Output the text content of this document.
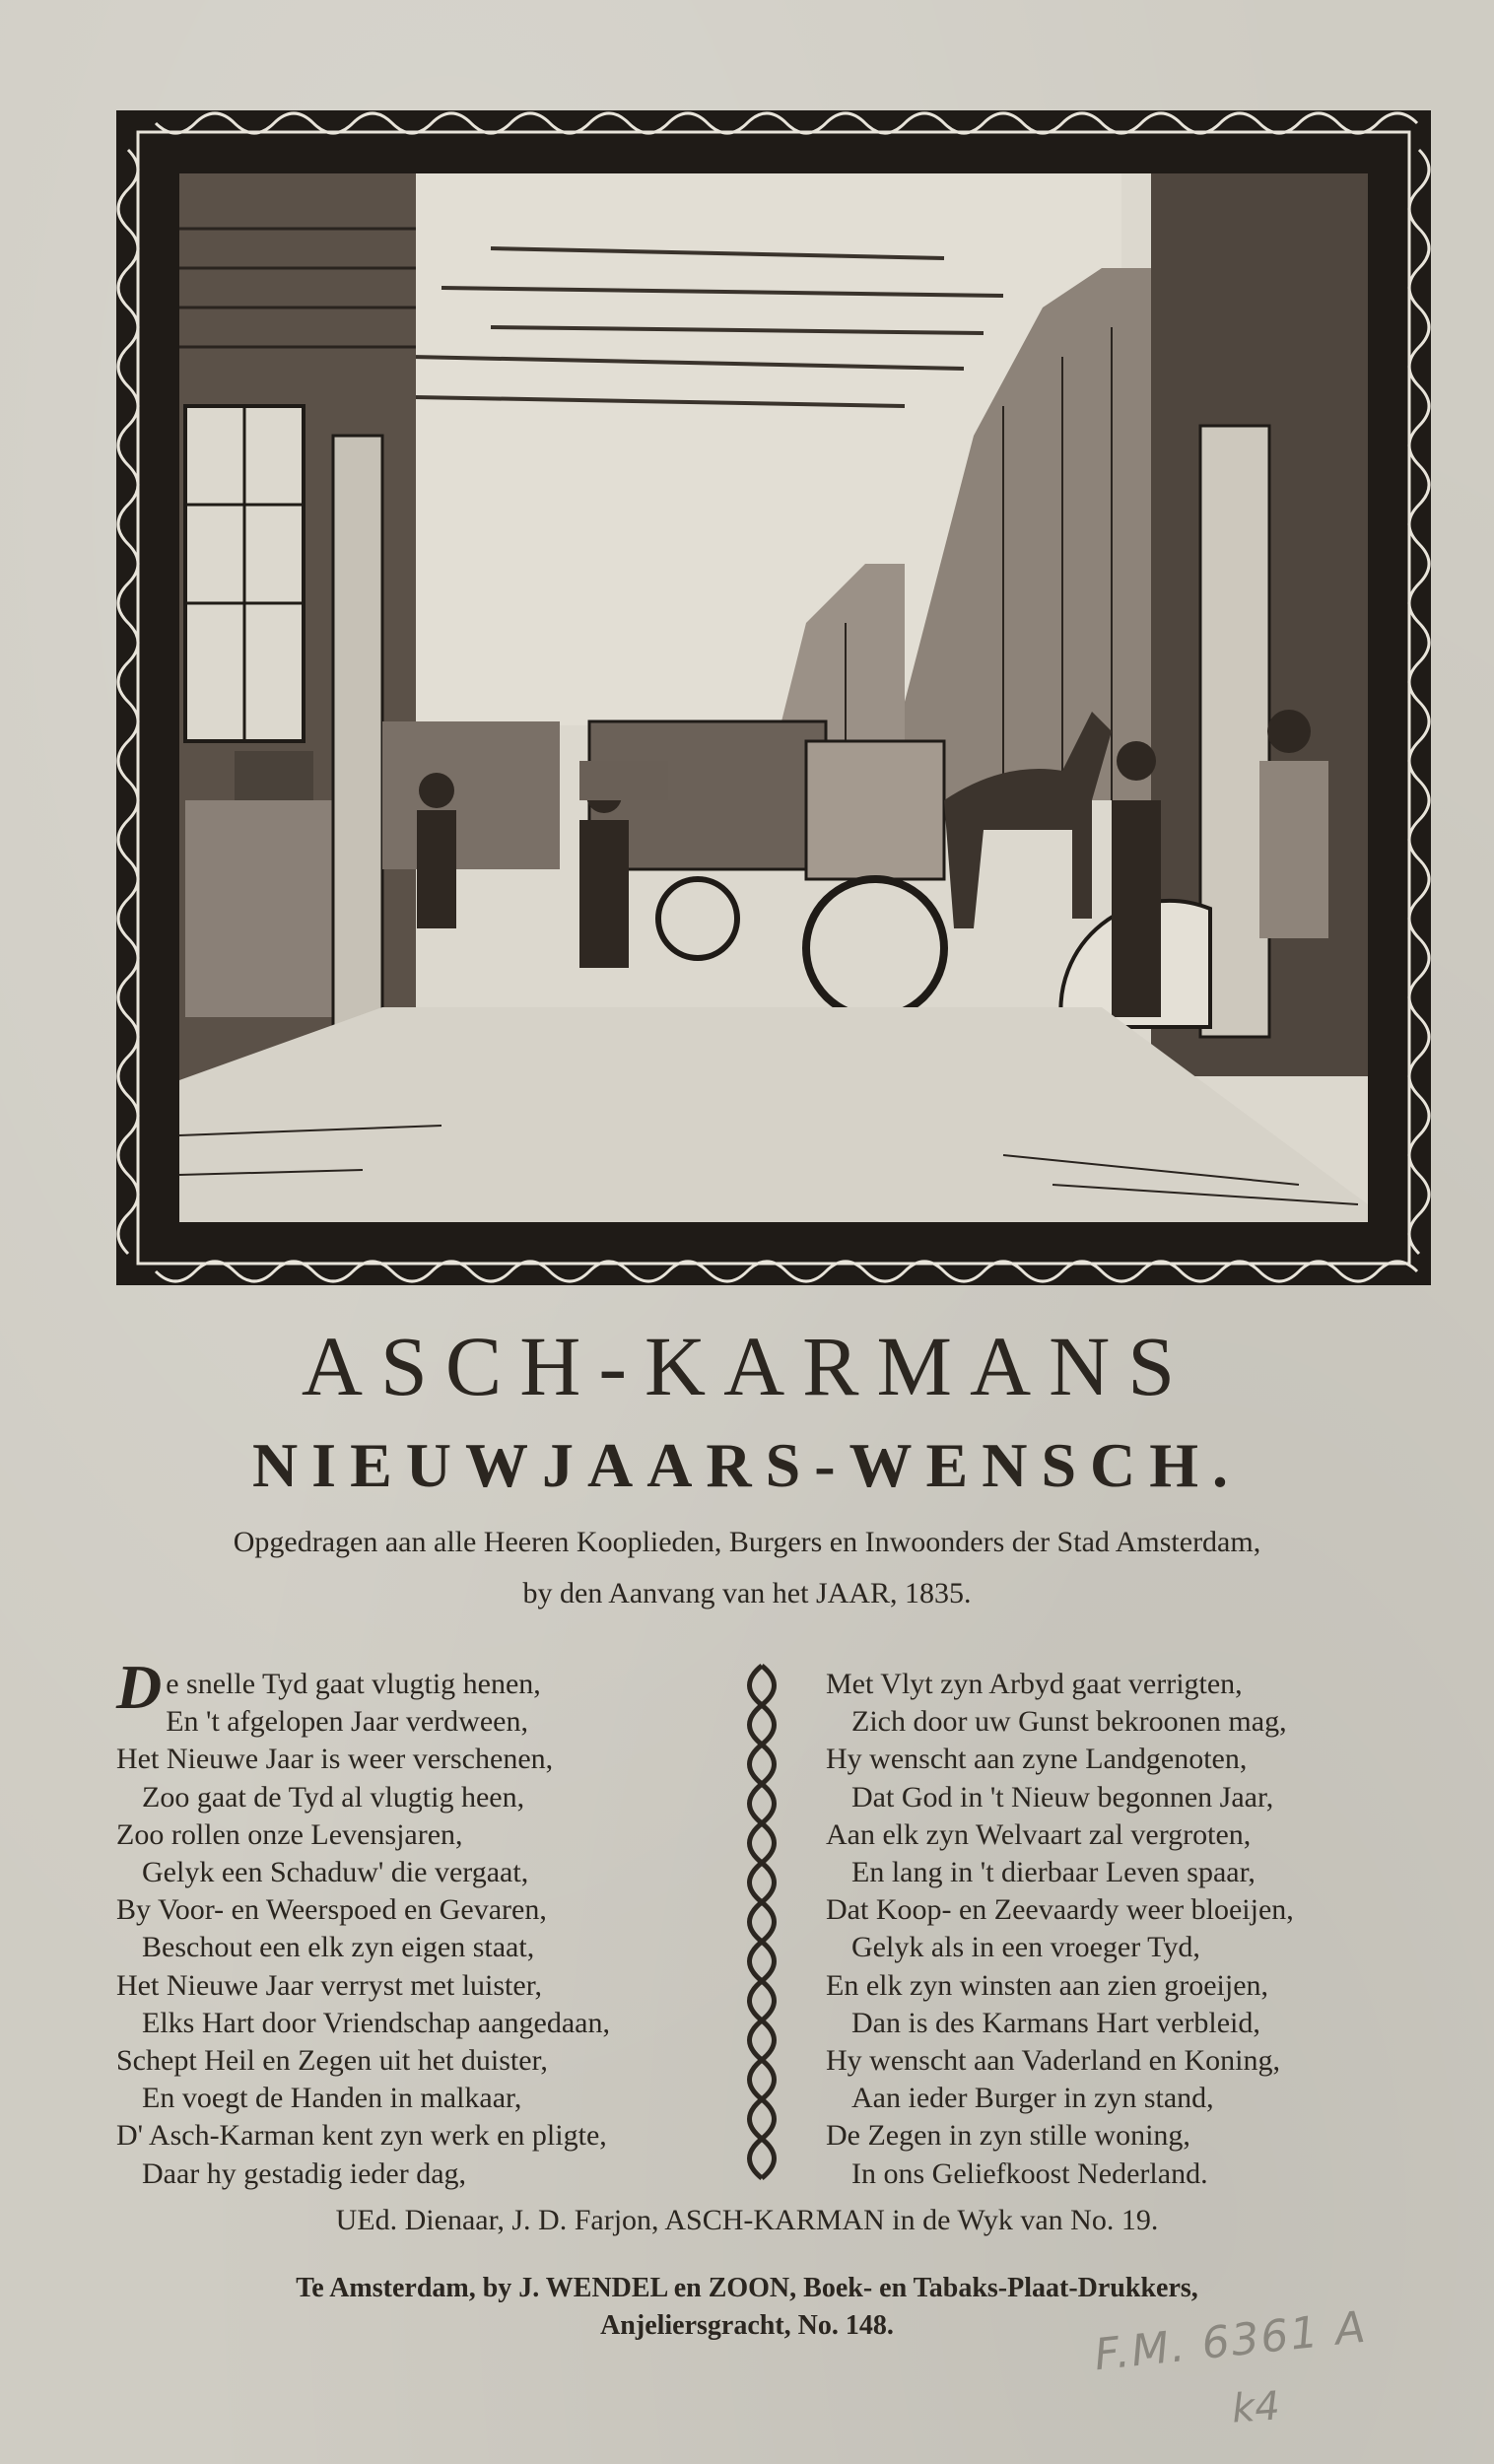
ASCH-KARMANS
NIEUWJAARS-WENSCH.
Opgedragen aan alle Heeren Kooplieden, Burgers en Inwoonders der Stad Amsterdam,
by den Aanvang van het JAAR, 1835.
De snelle Tyd gaat vlugtig henen,
En 't afgelopen Jaar verdween,
Het Nieuwe Jaar is weer verschenen,
Zoo gaat de Tyd al vlugtig heen,
Zoo rollen onze Levensjaren,
Gelyk een Schaduw' die vergaat,
By Voor- en Weerspoed en Gevaren,
Beschout een elk zyn eigen staat,
Het Nieuwe Jaar verryst met luister,
Elks Hart door Vriendschap aangedaan,
Schept Heil en Zegen uit het duister,
En voegt de Handen in malkaar,
D' Asch-Karman kent zyn werk en pligte,
Daar hy gestadig ieder dag,
Met Vlyt zyn Arbyd gaat verrigten,
Zich door uw Gunst bekroonen mag,
Hy wenscht aan zyne Landgenoten,
Dat God in 't Nieuw begonnen Jaar,
Aan elk zyn Welvaart zal vergroten,
En lang in 't dierbaar Leven spaar,
Dat Koop- en Zeevaardy weer bloeijen,
Gelyk als in een vroeger Tyd,
En elk zyn winsten aan zien groeijen,
Dan is des Karmans Hart verbleid,
Hy wenscht aan Vaderland en Koning,
Aan ieder Burger in zyn stand,
De Zegen in zyn stille woning,
In ons Geliefkoost Nederland.
UEd. Dienaar, J. D. Farjon, ASCH-KARMAN in de Wyk van No. 19.
Te Amsterdam, by J. WENDEL en ZOON, Boek- en Tabaks-Plaat-Drukkers,
Anjeliersgracht, No. 148.	F.M. 6361 A
k4
